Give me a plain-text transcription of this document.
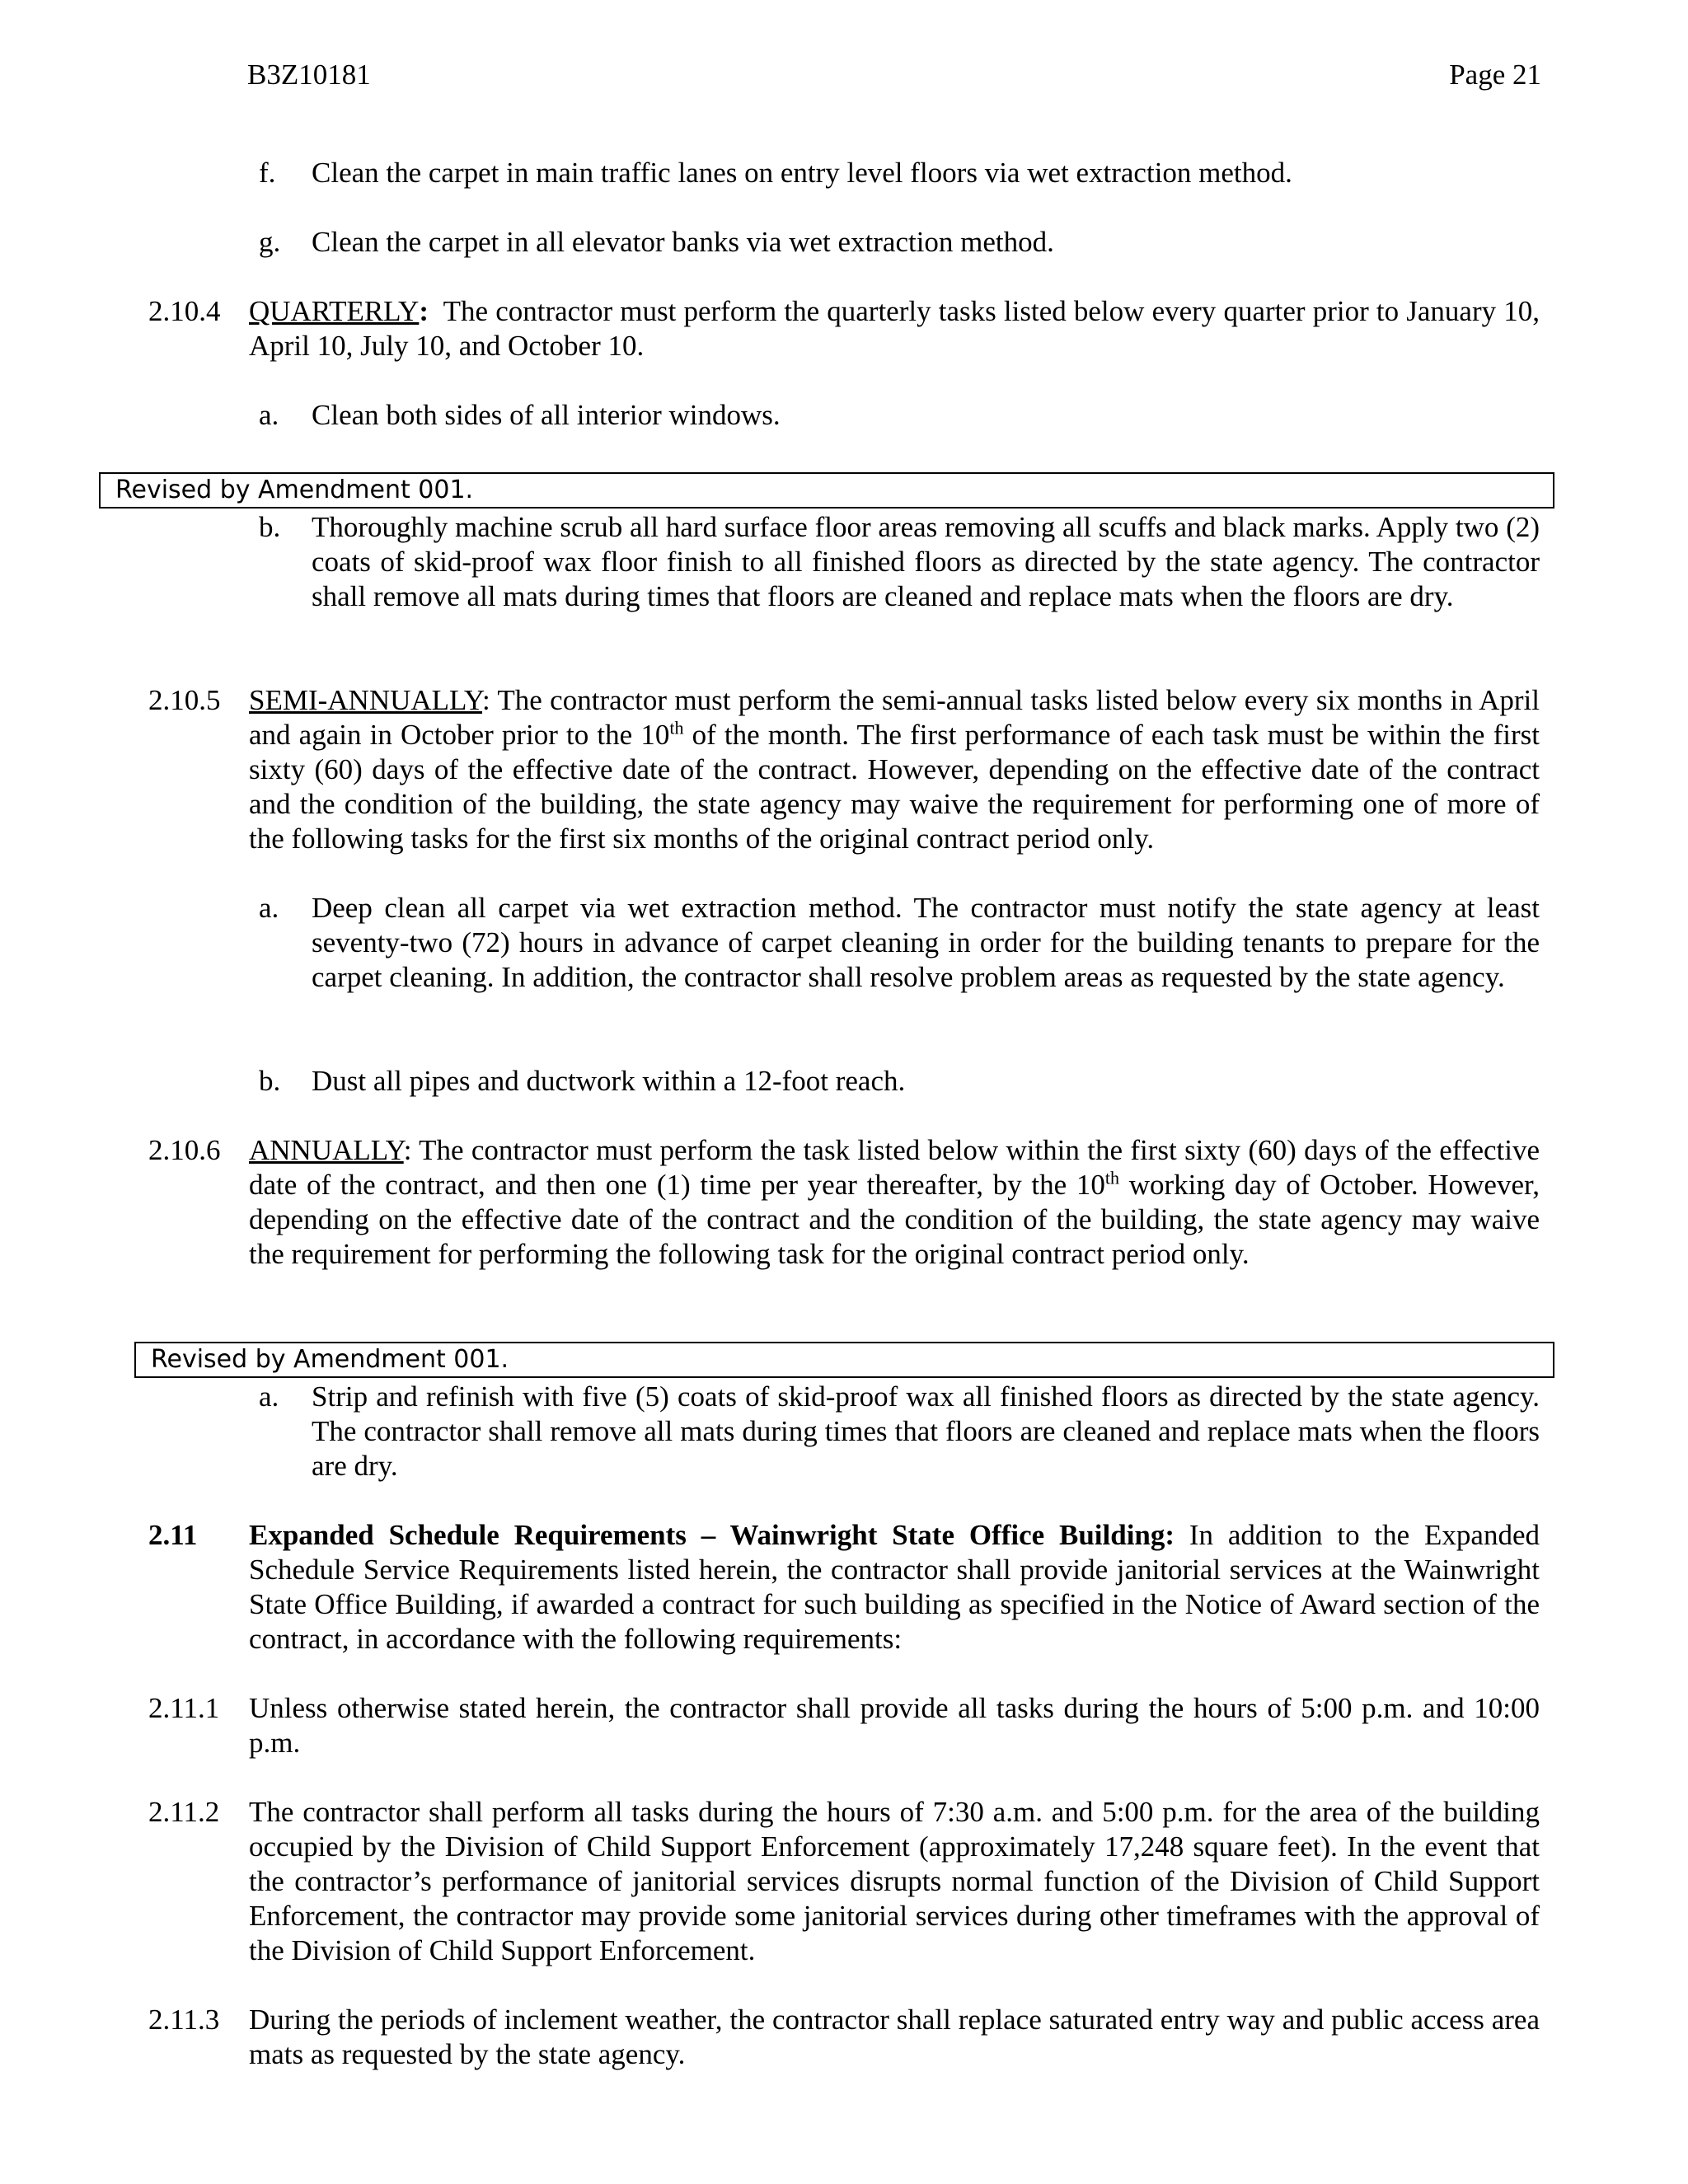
B3Z10181	Page 21
f. Clean the carpet in main traffic lanes on entry level floors via wet extraction method.
g. Clean the carpet in all elevator banks via wet extraction method.
2.10.4 QUARTERLY: The contractor must perform the quarterly tasks listed below every quarter prior to January 10, April 10, July 10, and October 10.
a. Clean both sides of all interior windows.
Revised by Amendment 001.
b. Thoroughly machine scrub all hard surface floor areas removing all scuffs and black marks. Apply two (2) coats of skid-proof wax floor finish to all finished floors as directed by the state agency. The contractor shall remove all mats during times that floors are cleaned and replace mats when the floors are dry.
2.10.5 SEMI-ANNUALLY: The contractor must perform the semi-annual tasks listed below every six months in April and again in October prior to the 10th of the month. The first performance of each task must be within the first sixty (60) days of the effective date of the contract. However, depending on the effective date of the contract and the condition of the building, the state agency may waive the requirement for performing one of more of the following tasks for the first six months of the original contract period only.
a. Deep clean all carpet via wet extraction method. The contractor must notify the state agency at least seventy-two (72) hours in advance of carpet cleaning in order for the building tenants to prepare for the carpet cleaning. In addition, the contractor shall resolve problem areas as requested by the state agency.
b. Dust all pipes and ductwork within a 12-foot reach.
2.10.6 ANNUALLY: The contractor must perform the task listed below within the first sixty (60) days of the effective date of the contract, and then one (1) time per year thereafter, by the 10th working day of October. However, depending on the effective date of the contract and the condition of the building, the state agency may waive the requirement for performing the following task for the original contract period only.
Revised by Amendment 001.
a. Strip and refinish with five (5) coats of skid-proof wax all finished floors as directed by the state agency. The contractor shall remove all mats during times that floors are cleaned and replace mats when the floors are dry.
2.11 Expanded Schedule Requirements – Wainwright State Office Building: In addition to the Expanded Schedule Service Requirements listed herein, the contractor shall provide janitorial services at the Wainwright State Office Building, if awarded a contract for such building as specified in the Notice of Award section of the contract, in accordance with the following requirements:
2.11.1 Unless otherwise stated herein, the contractor shall provide all tasks during the hours of 5:00 p.m. and 10:00 p.m.
2.11.2 The contractor shall perform all tasks during the hours of 7:30 a.m. and 5:00 p.m. for the area of the building occupied by the Division of Child Support Enforcement (approximately 17,248 square feet). In the event that the contractor’s performance of janitorial services disrupts normal function of the Division of Child Support Enforcement, the contractor may provide some janitorial services during other timeframes with the approval of the Division of Child Support Enforcement.
2.11.3 During the periods of inclement weather, the contractor shall replace saturated entry way and public access area mats as requested by the state agency.
